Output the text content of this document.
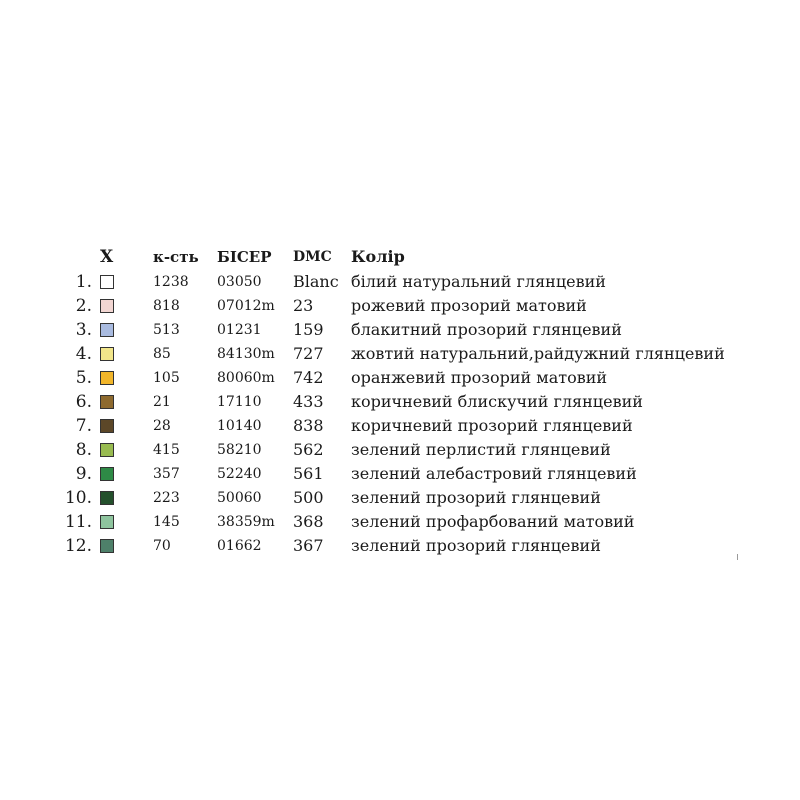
X	к-сть БІСЕР DMC Колір
1.	1238 03050 Blanc білий натуральний глянцевий
2.	818	07012m 23 рожевий прозорий матовий
3.	513	01231 159 блакитний прозорий глянцевий
4.	85	84130m 727 жовтий натуральний,райдужний глянцевий
5.	105	80060m 742 оранжевий прозорий матовий
6.	21	17110 433 коричневий блискучий глянцевий
7.	28	10140 838 коричневий прозорий глянцевий
8.	415	58210 562 зелений перлистий глянцевий
9.	357	52240 561 зелений алебастровий глянцевий
10.	223	50060 500 зелений прозорий глянцевий
11.	145	38359m 368 зелений профарбований матовий
12.	70	01662 367 зелений прозорий глянцевий
